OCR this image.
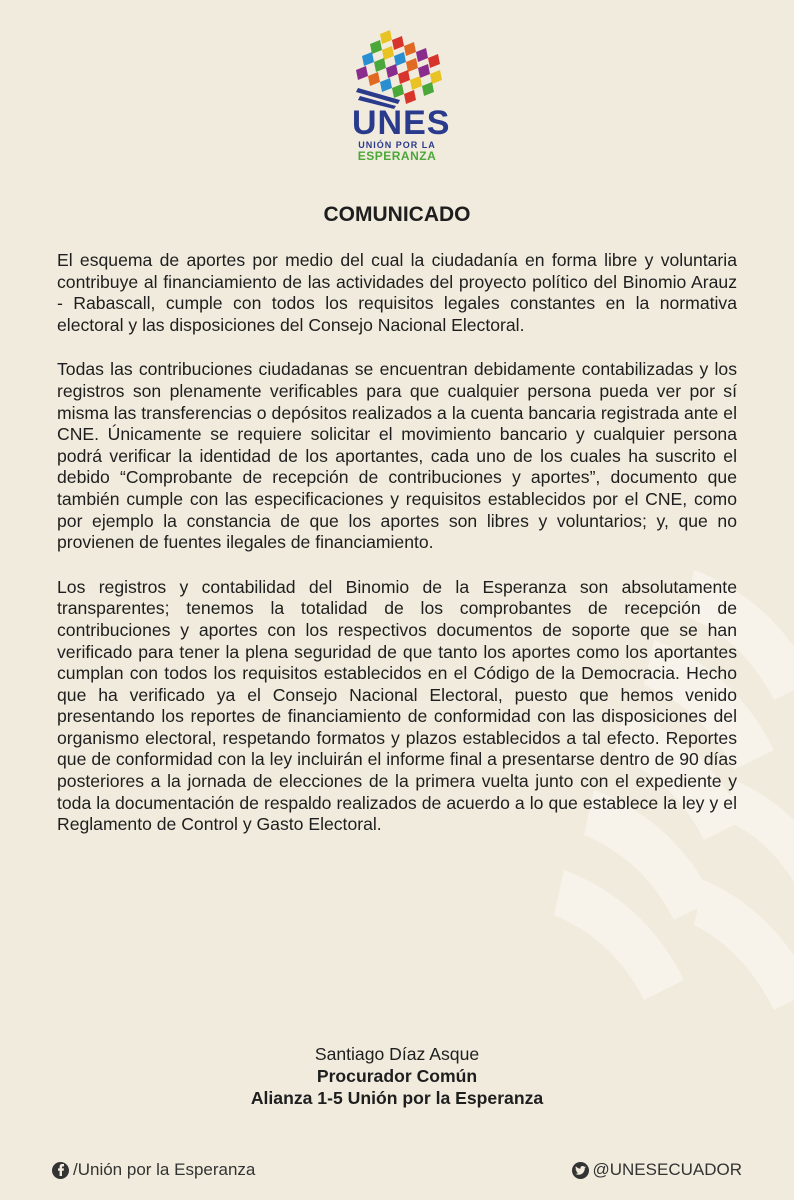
UNES
UNIÓN POR LA
ESPERANZA
COMUNICADO

El esquema de aportes por medio del cual la ciudadanía en forma libre y voluntaria contribuye al financiamiento de las actividades del proyecto político del Binomio Arauz - Rabascall, cumple con todos los requisitos legales constantes en la normativa electoral y las disposiciones del Consejo Nacional Electoral.

Todas las contribuciones ciudadanas se encuentran debidamente contabilizadas y los registros son plenamente verificables para que cualquier persona pueda ver por sí misma las transferencias o depósitos realizados a la cuenta bancaria registrada ante el CNE. Únicamente se requiere solicitar el movimiento bancario y cualquier persona podrá verificar la identidad de los aportantes, cada uno de los cuales ha suscrito el debido “Comprobante de recepción de contribuciones y aportes”, documento que también cumple con las especificaciones y requisitos establecidos por el CNE, como por ejemplo la constancia de que los aportes son libres y voluntarios; y, que no provienen de fuentes ilegales de financiamiento.

Los registros y contabilidad del Binomio de la Esperanza son absolutamente transparentes; tenemos la totalidad de los comprobantes de recepción de contribuciones y aportes con los respectivos documentos de soporte que se han verificado para tener la plena seguridad de que tanto los aportes como los aportantes cumplan con todos los requisitos establecidos en el Código de la Democracia. Hecho que ha verificado ya el Consejo Nacional Electoral, puesto que hemos venido presentando los reportes de financiamiento de conformidad con las disposiciones del organismo electoral, respetando formatos y plazos establecidos a tal efecto. Reportes que de conformidad con la ley incluirán el informe final a presentarse dentro de 90 días posteriores a la jornada de elecciones de la primera vuelta junto con el expediente y toda la documentación de respaldo realizados de acuerdo a lo que establece la ley y el Reglamento de Control y Gasto Electoral.

Santiago Díaz Asque
Procurador Común
Alianza 1-5 Unión por la Esperanza
/Unión por la Esperanza	@UNESECUADOR
